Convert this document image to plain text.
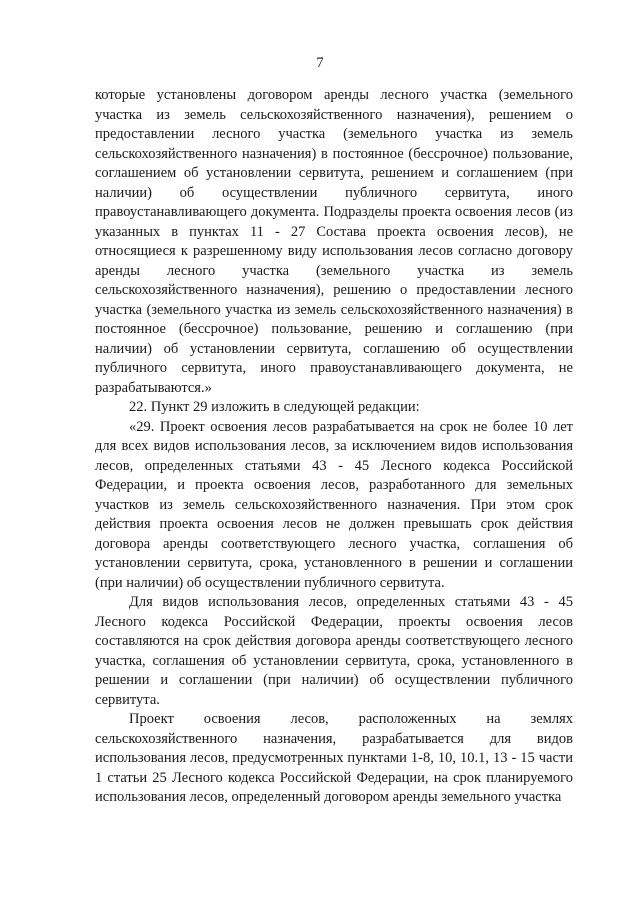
7

которые установлены договором аренды лесного участка (земельного участка из земель сельскохозяйственного назначения), решением о предоставлении лесного участка (земельного участка из земель сельскохозяйственного назначения) в постоянное (бессрочное) пользование, соглашением об установлении сервитута, решением и соглашением (при наличии) об осуществлении публичного сервитута, иного правоустанавливающего документа. Подразделы проекта освоения лесов (из указанных в пунктах 11 - 27 Состава проекта освоения лесов), не относящиеся к разрешенному виду использования лесов согласно договору аренды лесного участка (земельного участка из земель сельскохозяйственного назначения), решению о предоставлении лесного участка (земельного участка из земель сельскохозяйственного назначения) в постоянное (бессрочное) пользование, решению и соглашению (при наличии) об установлении сервитута, соглашению об осуществлении публичного сервитута, иного правоустанавливающего документа, не разрабатываются.»

22. Пункт 29 изложить в следующей редакции:

«29. Проект освоения лесов разрабатывается на срок не более 10 лет для всех видов использования лесов, за исключением видов использования лесов, определенных статьями 43 - 45 Лесного кодекса Российской Федерации, и проекта освоения лесов, разработанного для земельных участков из земель сельскохозяйственного назначения. При этом срок действия проекта освоения лесов не должен превышать срок действия договора аренды соответствующего лесного участка, соглашения об установлении сервитута, срока, установленного в решении и соглашении (при наличии) об осуществлении публичного сервитута.

Для видов использования лесов, определенных статьями 43 - 45 Лесного кодекса Российской Федерации, проекты освоения лесов составляются на срок действия договора аренды соответствующего лесного участка, соглашения об установлении сервитута, срока, установленного в решении и соглашении (при наличии) об осуществлении публичного сервитута.

Проект освоения лесов, расположенных на землях сельскохозяйственного назначения, разрабатывается для видов использования лесов, предусмотренных пунктами 1-8, 10, 10.1, 13 - 15 части 1 статьи 25 Лесного кодекса Российской Федерации, на срок планируемого использования лесов, определенный договором аренды земельного участка
